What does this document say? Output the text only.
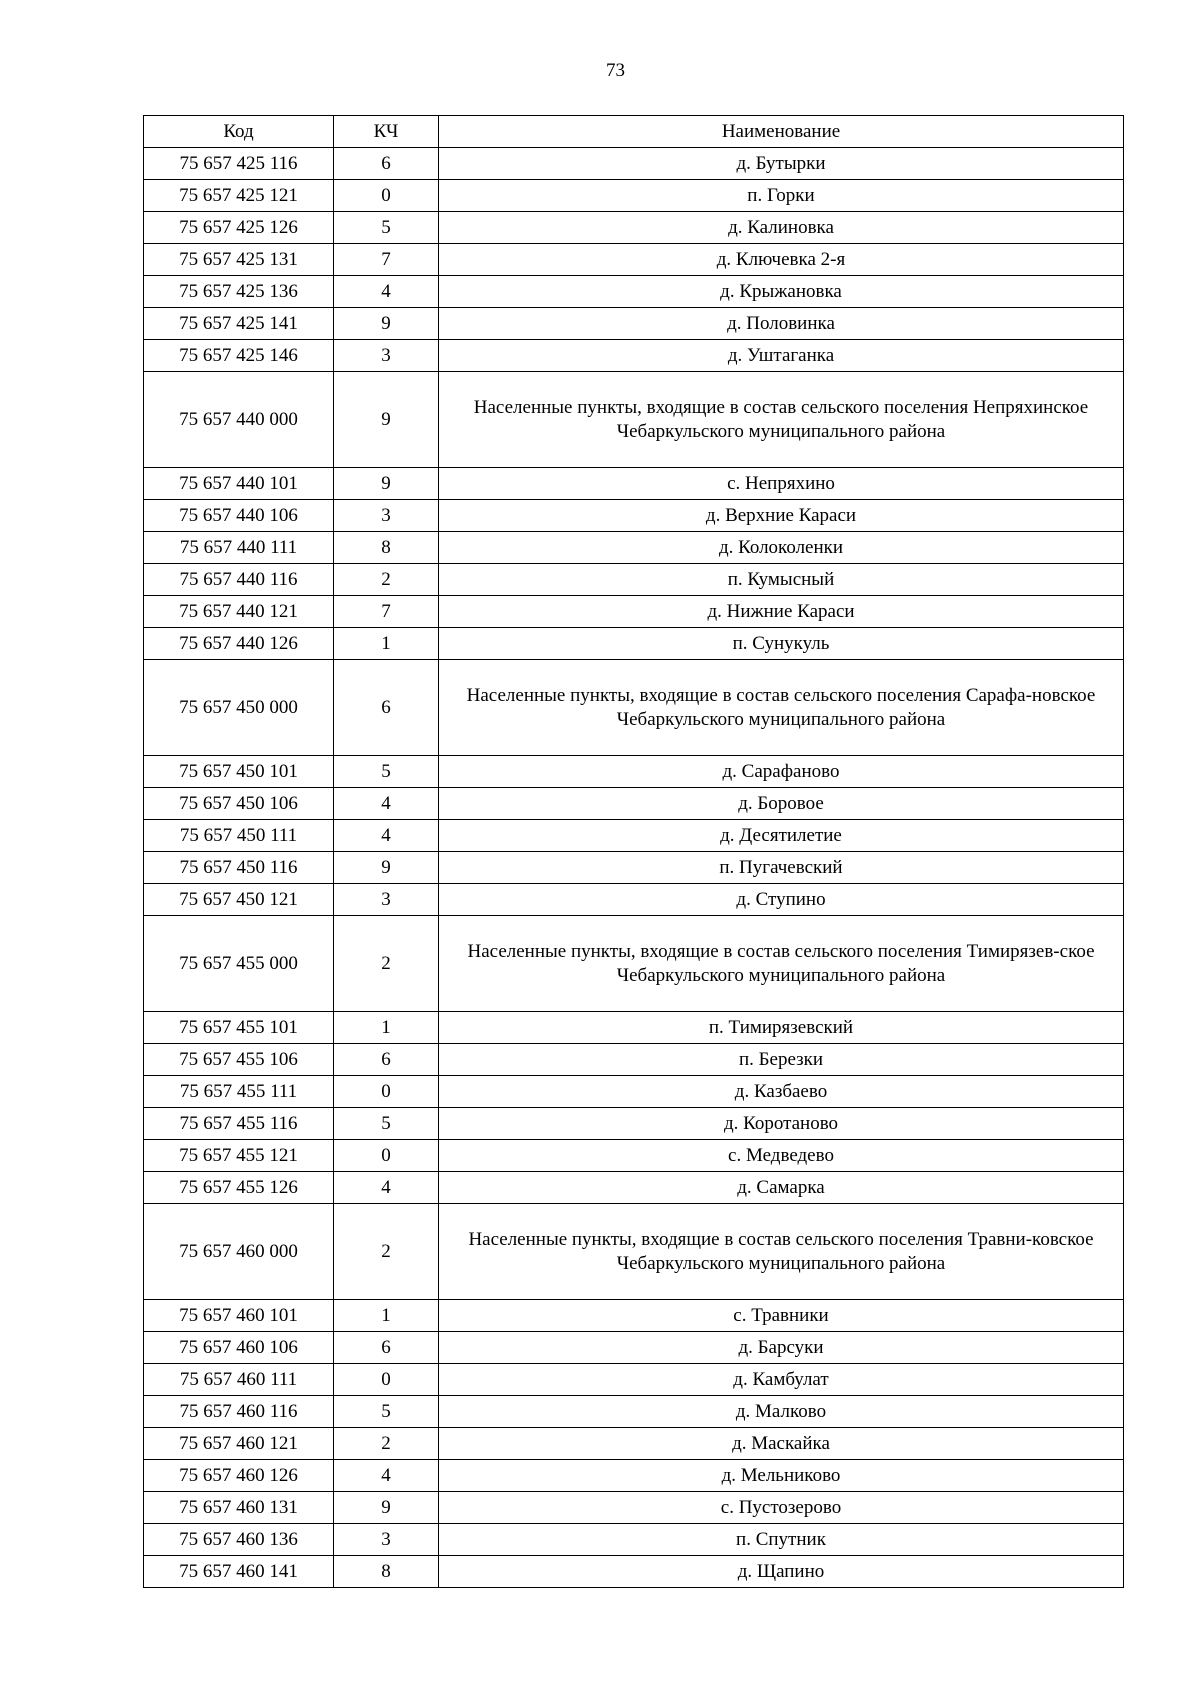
73
Код	КЧ	Наименование
75 657 425 116	6	д. Бутырки
75 657 425 121	0	п. Горки
75 657 425 126	5	д. Калиновка
75 657 425 131	7	д. Ключевка 2-я
75 657 425 136	4	д. Крыжановка
75 657 425 141	9	д. Половинка
75 657 425 146	3	д. Уштаганка
75 657 440 000	9	Населенные пункты, входящие в состав сельского поселения Непряхинское Чебаркульского муниципального района
75 657 440 101	9	с. Непряхино
75 657 440 106	3	д. Верхние Караси
75 657 440 111	8	д. Колоколенки
75 657 440 116	2	п. Кумысный
75 657 440 121	7	д. Нижние Караси
75 657 440 126	1	п. Сунукуль
75 657 450 000	6	Населенные пункты, входящие в состав сельского поселения Сарафа-новское Чебаркульского муниципального района
75 657 450 101	5	д. Сарафаново
75 657 450 106	4	д. Боровое
75 657 450 111	4	д. Десятилетие
75 657 450 116	9	п. Пугачевский
75 657 450 121	3	д. Ступино
75 657 455 000	2	Населенные пункты, входящие в состав сельского поселения Тимирязев-ское Чебаркульского муниципального района
75 657 455 101	1	п. Тимирязевский
75 657 455 106	6	п. Березки
75 657 455 111	0	д. Казбаево
75 657 455 116	5	д. Коротаново
75 657 455 121	0	с. Медведево
75 657 455 126	4	д. Самарка
75 657 460 000	2	Населенные пункты, входящие в состав сельского поселения Травни-ковское Чебаркульского муниципального района
75 657 460 101	1	с. Травники
75 657 460 106	6	д. Барсуки
75 657 460 111	0	д. Камбулат
75 657 460 116	5	д. Малково
75 657 460 121	2	д. Маскайка
75 657 460 126	4	д. Мельниково
75 657 460 131	9	с. Пустозерово
75 657 460 136	3	п. Спутник
75 657 460 141	8	д. Щапино
